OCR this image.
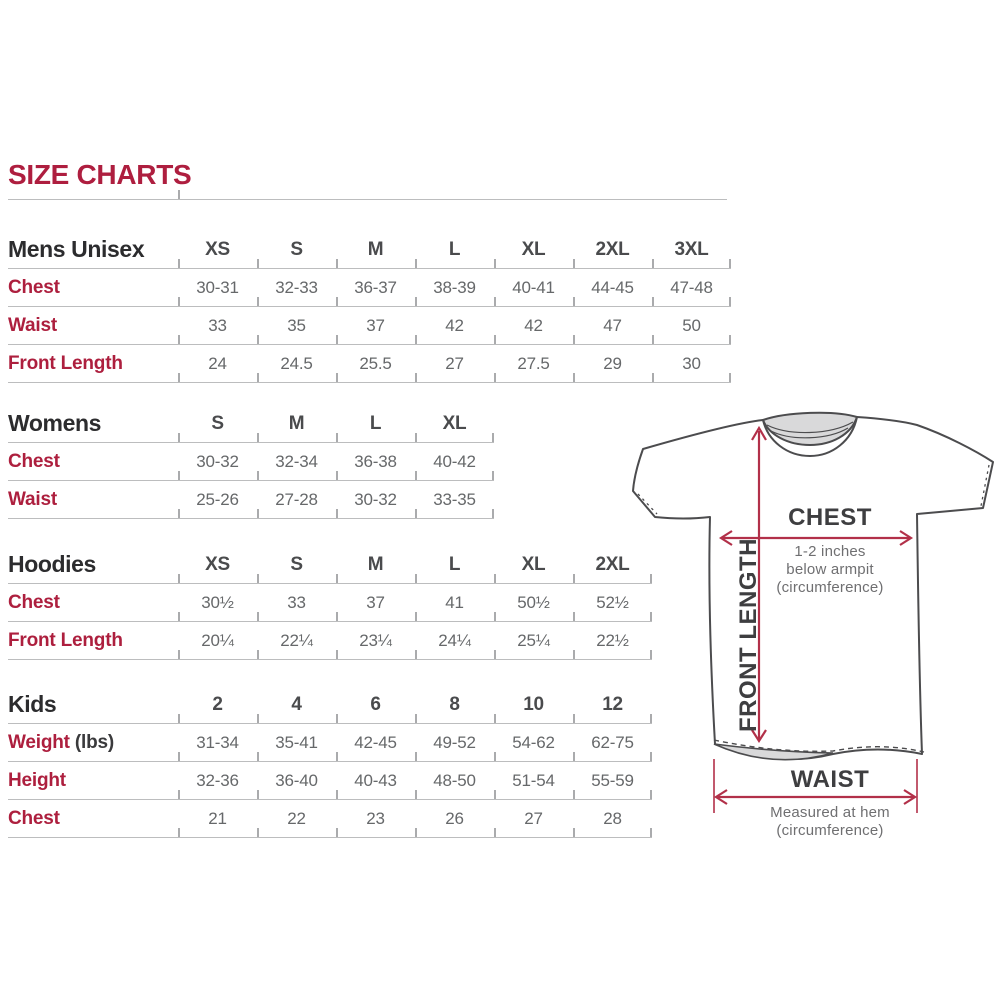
SIZE CHARTS
Mens Unisex	XS	S	M	L	XL	2XL	3XL
Chest	30-31	32-33	36-37	38-39	40-41	44-45	47-48
Waist	33	35	37	42	42	47	50
Front Length	24	24.5	25.5	27	27.5	29	30
Womens	S	M	L	XL
Chest	30-32	32-34	36-38	40-42
Waist	25-26	27-28	30-32	33-35
Hoodies	XS	S	M	L	XL	2XL
Chest	30½	33	37	41	50½	52½
Front Length	20¼	22¼	23¼	24¼	25¼	22½
Kids	2	4	6	8	10	12
Weight (lbs)	31-34	35-41	42-45	49-52	54-62	62-75
Height	32-36	36-40	40-43	48-50	51-54	55-59
Chest	21	22	23	26	27	28
CHEST
1-2 inches
below armpit
(circumference)
FRONT LENGTH
WAIST
Measured at hem
(circumference)
